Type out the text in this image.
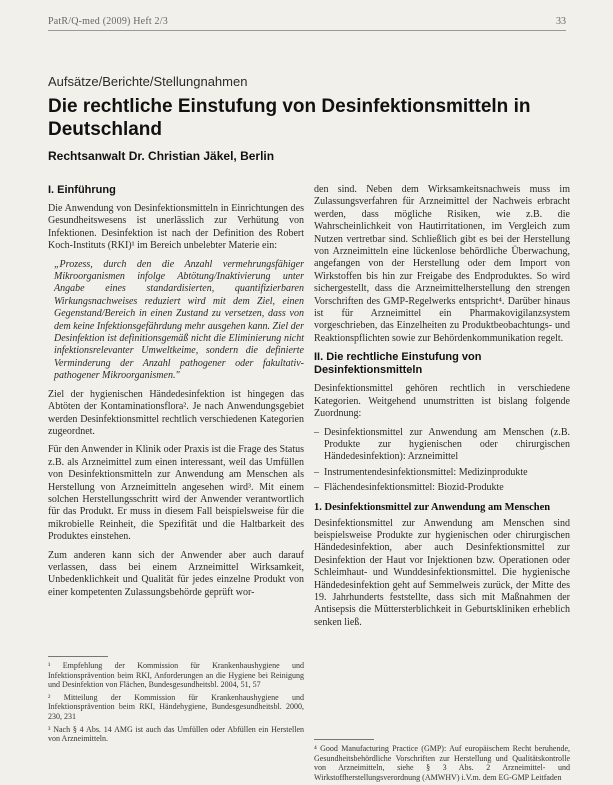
PatR/Q-med (2009) Heft 2/3	33
Aufsätze/Berichte/Stellungnahmen
Die rechtliche Einstufung von Desinfektionsmitteln in Deutschland
Rechtsanwalt Dr. Christian Jäkel, Berlin
I. Einführung

Die Anwendung von Desinfektionsmitteln in Einrichtungen des Gesundheitswesens ist unerlässlich zur Verhütung von Infektionen. Desinfektion ist nach der Definition des Robert Koch-Instituts (RKI)¹ im Bereich unbelebter Materie ein:

„Prozess, durch den die Anzahl vermehrungsfähiger Mikroorganismen infolge Abtötung/Inaktivierung unter Angabe eines standardisierten, quantifizierbaren Wirkungsnachweises reduziert wird mit dem Ziel, einen Gegenstand/Bereich in einen Zustand zu versetzen, dass von dem keine Infektionsgefährdung mehr ausgehen kann. Ziel der Desinfektion ist definitionsgemäß nicht die Eliminierung nicht infektionsrelevanter Umweltkeime, sondern die definierte Verminderung der Anzahl pathogener oder fakultativ-pathogener Mikroorganismen."

Ziel der hygienischen Händedesinfektion ist hingegen das Abtöten der Kontaminationsflora². Je nach Anwendungsgebiet werden Desinfektionsmittel rechtlich verschiedenen Kategorien zugeordnet.

Für den Anwender in Klinik oder Praxis ist die Frage des Status z.B. als Arzneimittel zum einen interessant, weil das Umfüllen von Desinfektionsmitteln zur Anwendung am Menschen als Herstellung von Arzneimitteln angesehen wird³. Mit einem solchen Herstellungsschritt wird der Anwender verantwortlich für das Produkt. Er muss in diesem Fall beispielsweise für die mikrobielle Reinheit, die Spezifität und die Haltbarkeit des Produktes einstehen.

Zum anderen kann sich der Anwender aber auch darauf verlassen, dass bei einem Arzneimittel Wirksamkeit, Unbedenklichkeit und Qualität für jedes einzelne Produkt von einer kompetenten Zulassungsbehörde geprüft wor-

¹ Empfehlung der Kommission für Krankenhaushygiene und Infektionsprävention beim RKI, Anforderungen an die Hygiene bei Reinigung und Desinfektion von Flächen, Bundesgesundheitsbl. 2004, 51, 57
² Mitteilung der Kommission für Krankenhaushygiene und Infektionsprävention beim RKI, Händehygiene, Bundesgesundheitsbl. 2000, 230, 231
³ Nach § 4 Abs. 14 AMG ist auch das Umfüllen oder Abfüllen ein Herstellen von Arzneimitteln.

den sind. Neben dem Wirksamkeitsnachweis muss im Zulassungsverfahren für Arzneimittel der Nachweis erbracht werden, dass mögliche Risiken, wie z.B. die Wahrscheinlichkeit von Hautirritationen, im Vergleich zum Nutzen vertretbar sind. Schließlich gibt es bei der Herstellung von Arzneimitteln eine lückenlose behördliche Überwachung, angefangen von der Herstellung oder dem Import von Wirkstoffen bis hin zur Freigabe des Endproduktes. So wird sichergestellt, dass die Arzneimittelherstellung den strengen Vorschriften des GMP-Regelwerks entspricht⁴. Darüber hinaus ist für Arzneimittel ein Pharmakovigilanzsystem vorgeschrieben, das Einzelheiten zu Produktbeobachtungs- und Reaktionspflichten sowie zur Behördenkommunikation regelt.

II. Die rechtliche Einstufung von Desinfektionsmitteln

Desinfektionsmittel gehören rechtlich in verschiedene Kategorien. Weitgehend unumstritten ist bislang folgende Zuordnung:

– Desinfektionsmittel zur Anwendung am Menschen (z.B. Produkte zur hygienischen oder chirurgischen Händedesinfektion): Arzneimittel
– Instrumentendesinfektionsmittel: Medizinprodukte
– Flächendesinfektionsmittel: Biozid-Produkte
1. Desinfektionsmittel zur Anwendung am Menschen

Desinfektionsmittel zur Anwendung am Menschen sind beispielsweise Produkte zur hygienischen oder chirurgischen Händedesinfektion, aber auch Desinfektionsmittel zur Desinfektion der Haut vor Injektionen bzw. Operationen oder Schleimhaut- und Wunddesinfektionsmittel. Die hygienische Händedesinfektion geht auf Semmelweis zurück, der Mitte des 19. Jahrhunderts feststellte, dass sich mit Maßnahmen der Antisepsis die Müttersterblichkeit in Geburtskliniken erheblich senken ließ.

⁴ Good Manufacturing Practice (GMP): Auf europäischem Recht beruhende, Gesundheitsbehördliche Vorschriften zur Herstellung und Qualitätskontrolle von Arzneimitteln, siehe § 3 Abs. 2 Arzneimittel- und Wirkstoffherstellungsverordnung (AMWHV) i.V.m. dem EG-GMP Leitfaden
